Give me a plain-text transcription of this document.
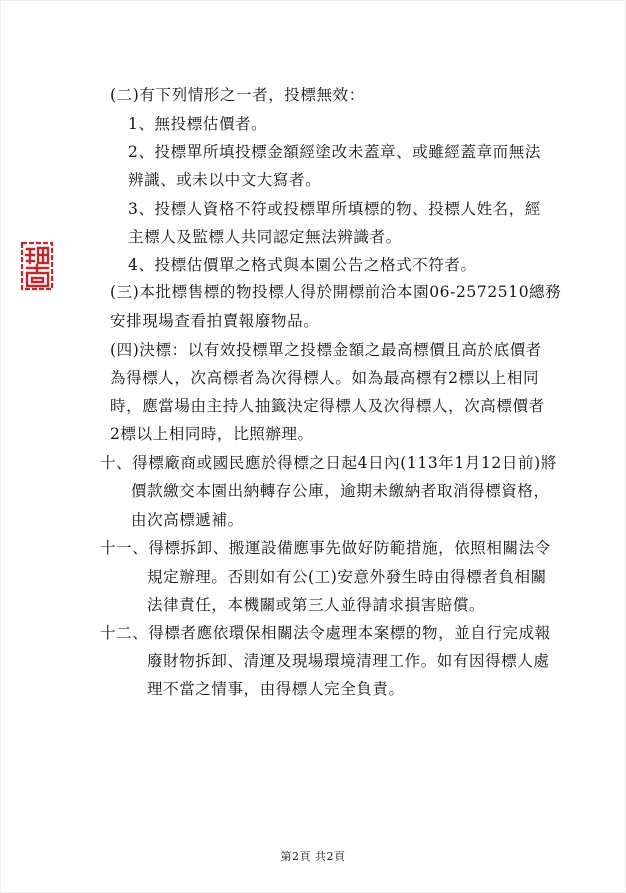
(二)有下列情形之一者，投標無效：
1、無投標估價者。
2、投標單所填投標金額經塗改未蓋章、或雖經蓋章而無法
辨識、或未以中文大寫者。
3、投標人資格不符或投標單所填標的物、投標人姓名，經
主標人及監標人共同認定無法辨識者。
4、投標估價單之格式與本園公告之格式不符者。
(三)本批標售標的物投標人得於開標前洽本園06-2572510總務
安排現場查看拍賣報廢物品。
(四)決標：以有效投標單之投標金額之最高標價且高於底價者
為得標人，次高標者為次得標人。如為最高標有2標以上相同
時，應當場由主持人抽籤決定得標人及次得標人，次高標價者
2標以上相同時，比照辦理。
十、得標廠商或國民應於得標之日起4日內(113年1月12日前)將
價款繳交本園出納轉存公庫，逾期未繳納者取消得標資格，
由次高標遞補。
十一、得標拆卸、搬運設備應事先做好防範措施，依照相關法令
規定辦理。否則如有公(工)安意外發生時由得標者負相關
法律責任，本機關或第三人並得請求損害賠償。
十二、得標者應依環保相關法令處理本案標的物，並自行完成報
廢財物拆卸、清運及現場環境清理工作。如有因得標人處
理不當之情事，由得標人完全負責。
第2頁 共2頁
